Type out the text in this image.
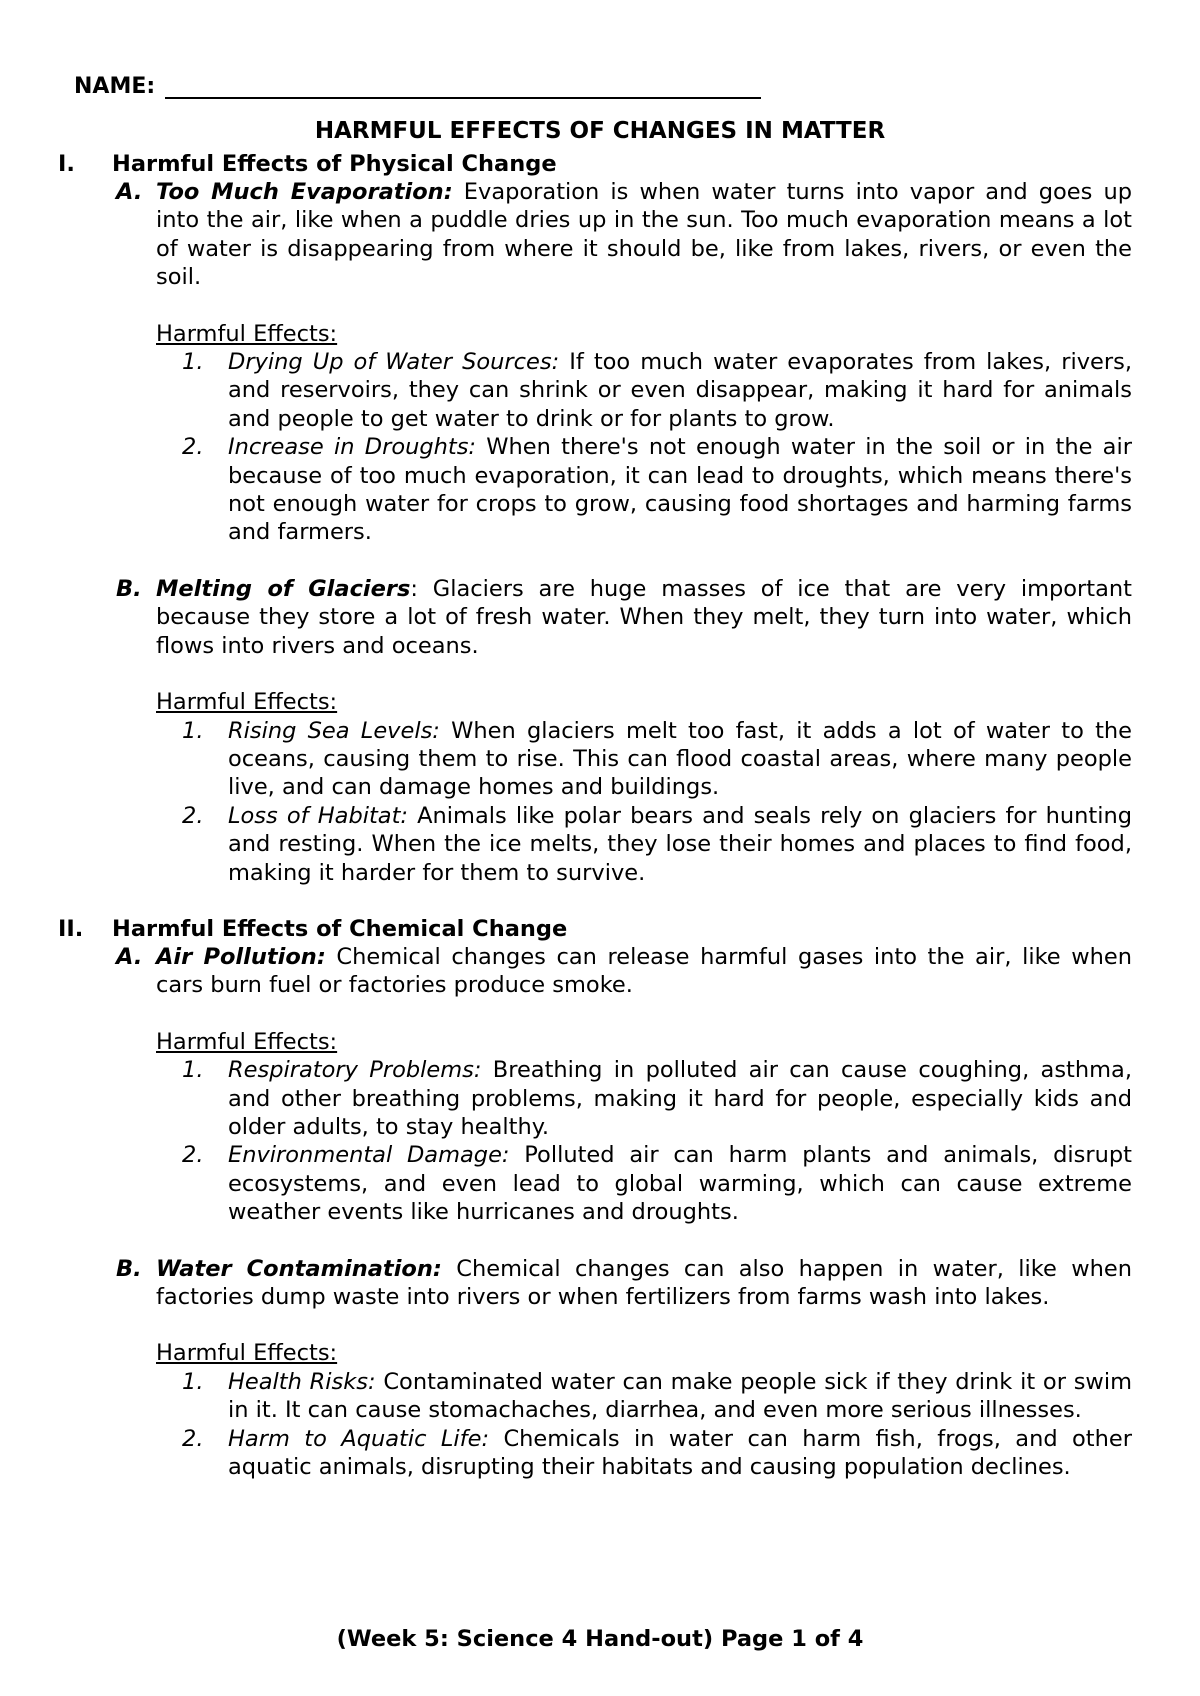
NAME:
HARMFUL EFFECTS OF CHANGES IN MATTER
I. Harmful Effects of Physical Change
A. Too Much Evaporation: Evaporation is when water turns into vapor and goes up into the air, like when a puddle dries up in the sun. Too much evaporation means a lot of water is disappearing from where it should be, like from lakes, rivers, or even the soil.
Harmful Effects:
1. Drying Up of Water Sources: If too much water evaporates from lakes, rivers, and reservoirs, they can shrink or even disappear, making it hard for animals and people to get water to drink or for plants to grow.
2. Increase in Droughts: When there's not enough water in the soil or in the air because of too much evaporation, it can lead to droughts, which means there's not enough water for crops to grow, causing food shortages and harming farms and farmers.
B. Melting of Glaciers: Glaciers are huge masses of ice that are very important because they store a lot of fresh water. When they melt, they turn into water, which flows into rivers and oceans.
Harmful Effects:
1. Rising Sea Levels: When glaciers melt too fast, it adds a lot of water to the oceans, causing them to rise. This can flood coastal areas, where many people live, and can damage homes and buildings.
2. Loss of Habitat: Animals like polar bears and seals rely on glaciers for hunting and resting. When the ice melts, they lose their homes and places to find food, making it harder for them to survive.
II. Harmful Effects of Chemical Change
A. Air Pollution: Chemical changes can release harmful gases into the air, like when cars burn fuel or factories produce smoke.
Harmful Effects:
1. Respiratory Problems: Breathing in polluted air can cause coughing, asthma, and other breathing problems, making it hard for people, especially kids and older adults, to stay healthy.
2. Environmental Damage: Polluted air can harm plants and animals, disrupt ecosystems, and even lead to global warming, which can cause extreme weather events like hurricanes and droughts.
B. Water Contamination: Chemical changes can also happen in water, like when factories dump waste into rivers or when fertilizers from farms wash into lakes.
Harmful Effects:
1. Health Risks: Contaminated water can make people sick if they drink it or swim in it. It can cause stomachaches, diarrhea, and even more serious illnesses.
2. Harm to Aquatic Life: Chemicals in water can harm fish, frogs, and other aquatic animals, disrupting their habitats and causing population declines.
(Week 5: Science 4 Hand-out) Page 1 of 4
